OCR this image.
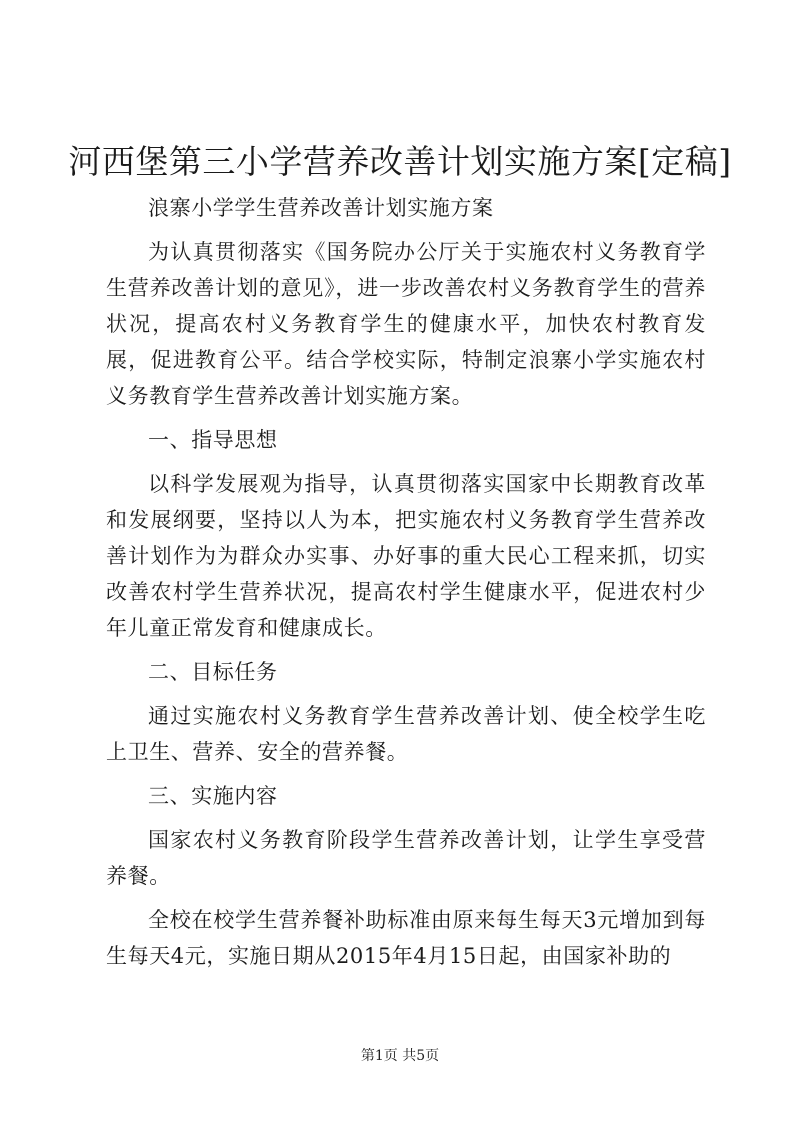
河西堡第三小学营养改善计划实施方案[定稿]

浪寨小学学生营养改善计划实施方案

为认真贯彻落实《国务院办公厅关于实施农村义务教育学生营养改善计划的意见》，进一步改善农村义务教育学生的营养状况，提高农村义务教育学生的健康水平，加快农村教育发展，促进教育公平。结合学校实际，特制定浪寨小学实施农村义务教育学生营养改善计划实施方案。

一、指导思想

以科学发展观为指导，认真贯彻落实国家中长期教育改革和发展纲要，坚持以人为本，把实施农村义务教育学生营养改善计划作为为群众办实事、办好事的重大民心工程来抓，切实改善农村学生营养状况，提高农村学生健康水平，促进农村少年儿童正常发育和健康成长。

二、目标任务

通过实施农村义务教育学生营养改善计划、使全校学生吃上卫生、营养、安全的营养餐。

三、实施内容

国家农村义务教育阶段学生营养改善计划，让学生享受营养餐。

全校在校学生营养餐补助标准由原来每生每天3元增加到每生每天4元，实施日期从2015年4月15日起，由国家补助的

第1页 共5页
